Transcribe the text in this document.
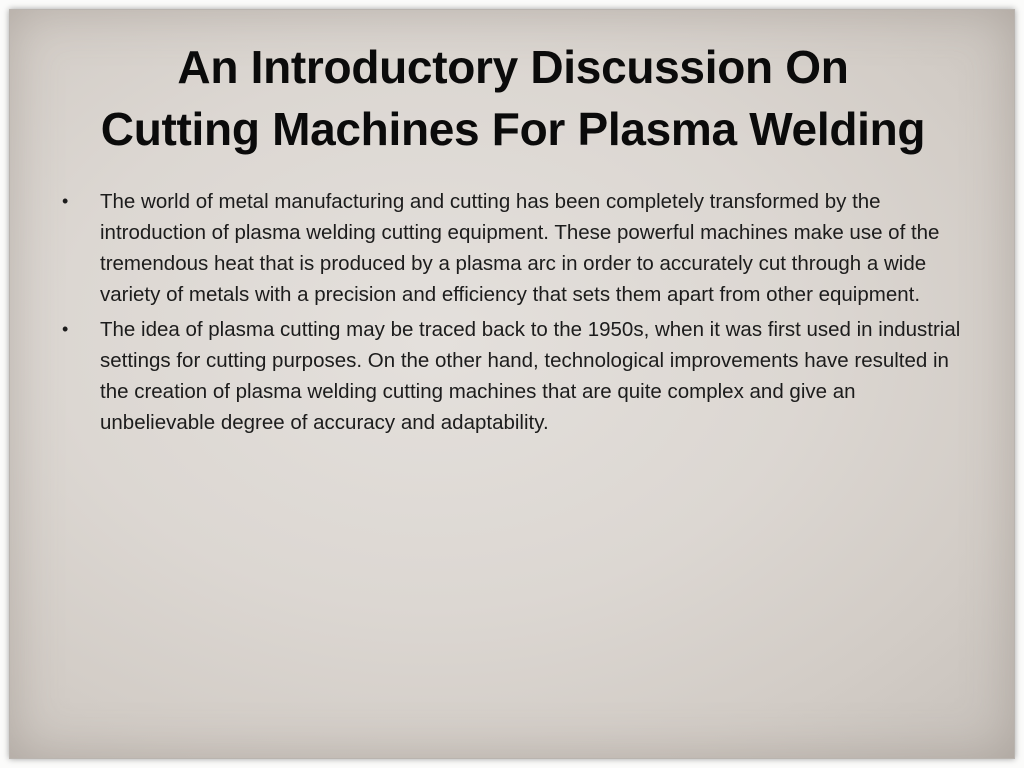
An Introductory Discussion On
Cutting Machines For Plasma Welding
• The world of metal manufacturing and cutting has been completely transformed by the introduction of plasma welding cutting equipment. These powerful machines make use of the tremendous heat that is produced by a plasma arc in order to accurately cut through a wide variety of metals with a precision and efficiency that sets them apart from other equipment.
• The idea of plasma cutting may be traced back to the 1950s, when it was first used in industrial settings for cutting purposes. On the other hand, technological improvements have resulted in the creation of plasma welding cutting machines that are quite complex and give an unbelievable degree of accuracy and adaptability.
